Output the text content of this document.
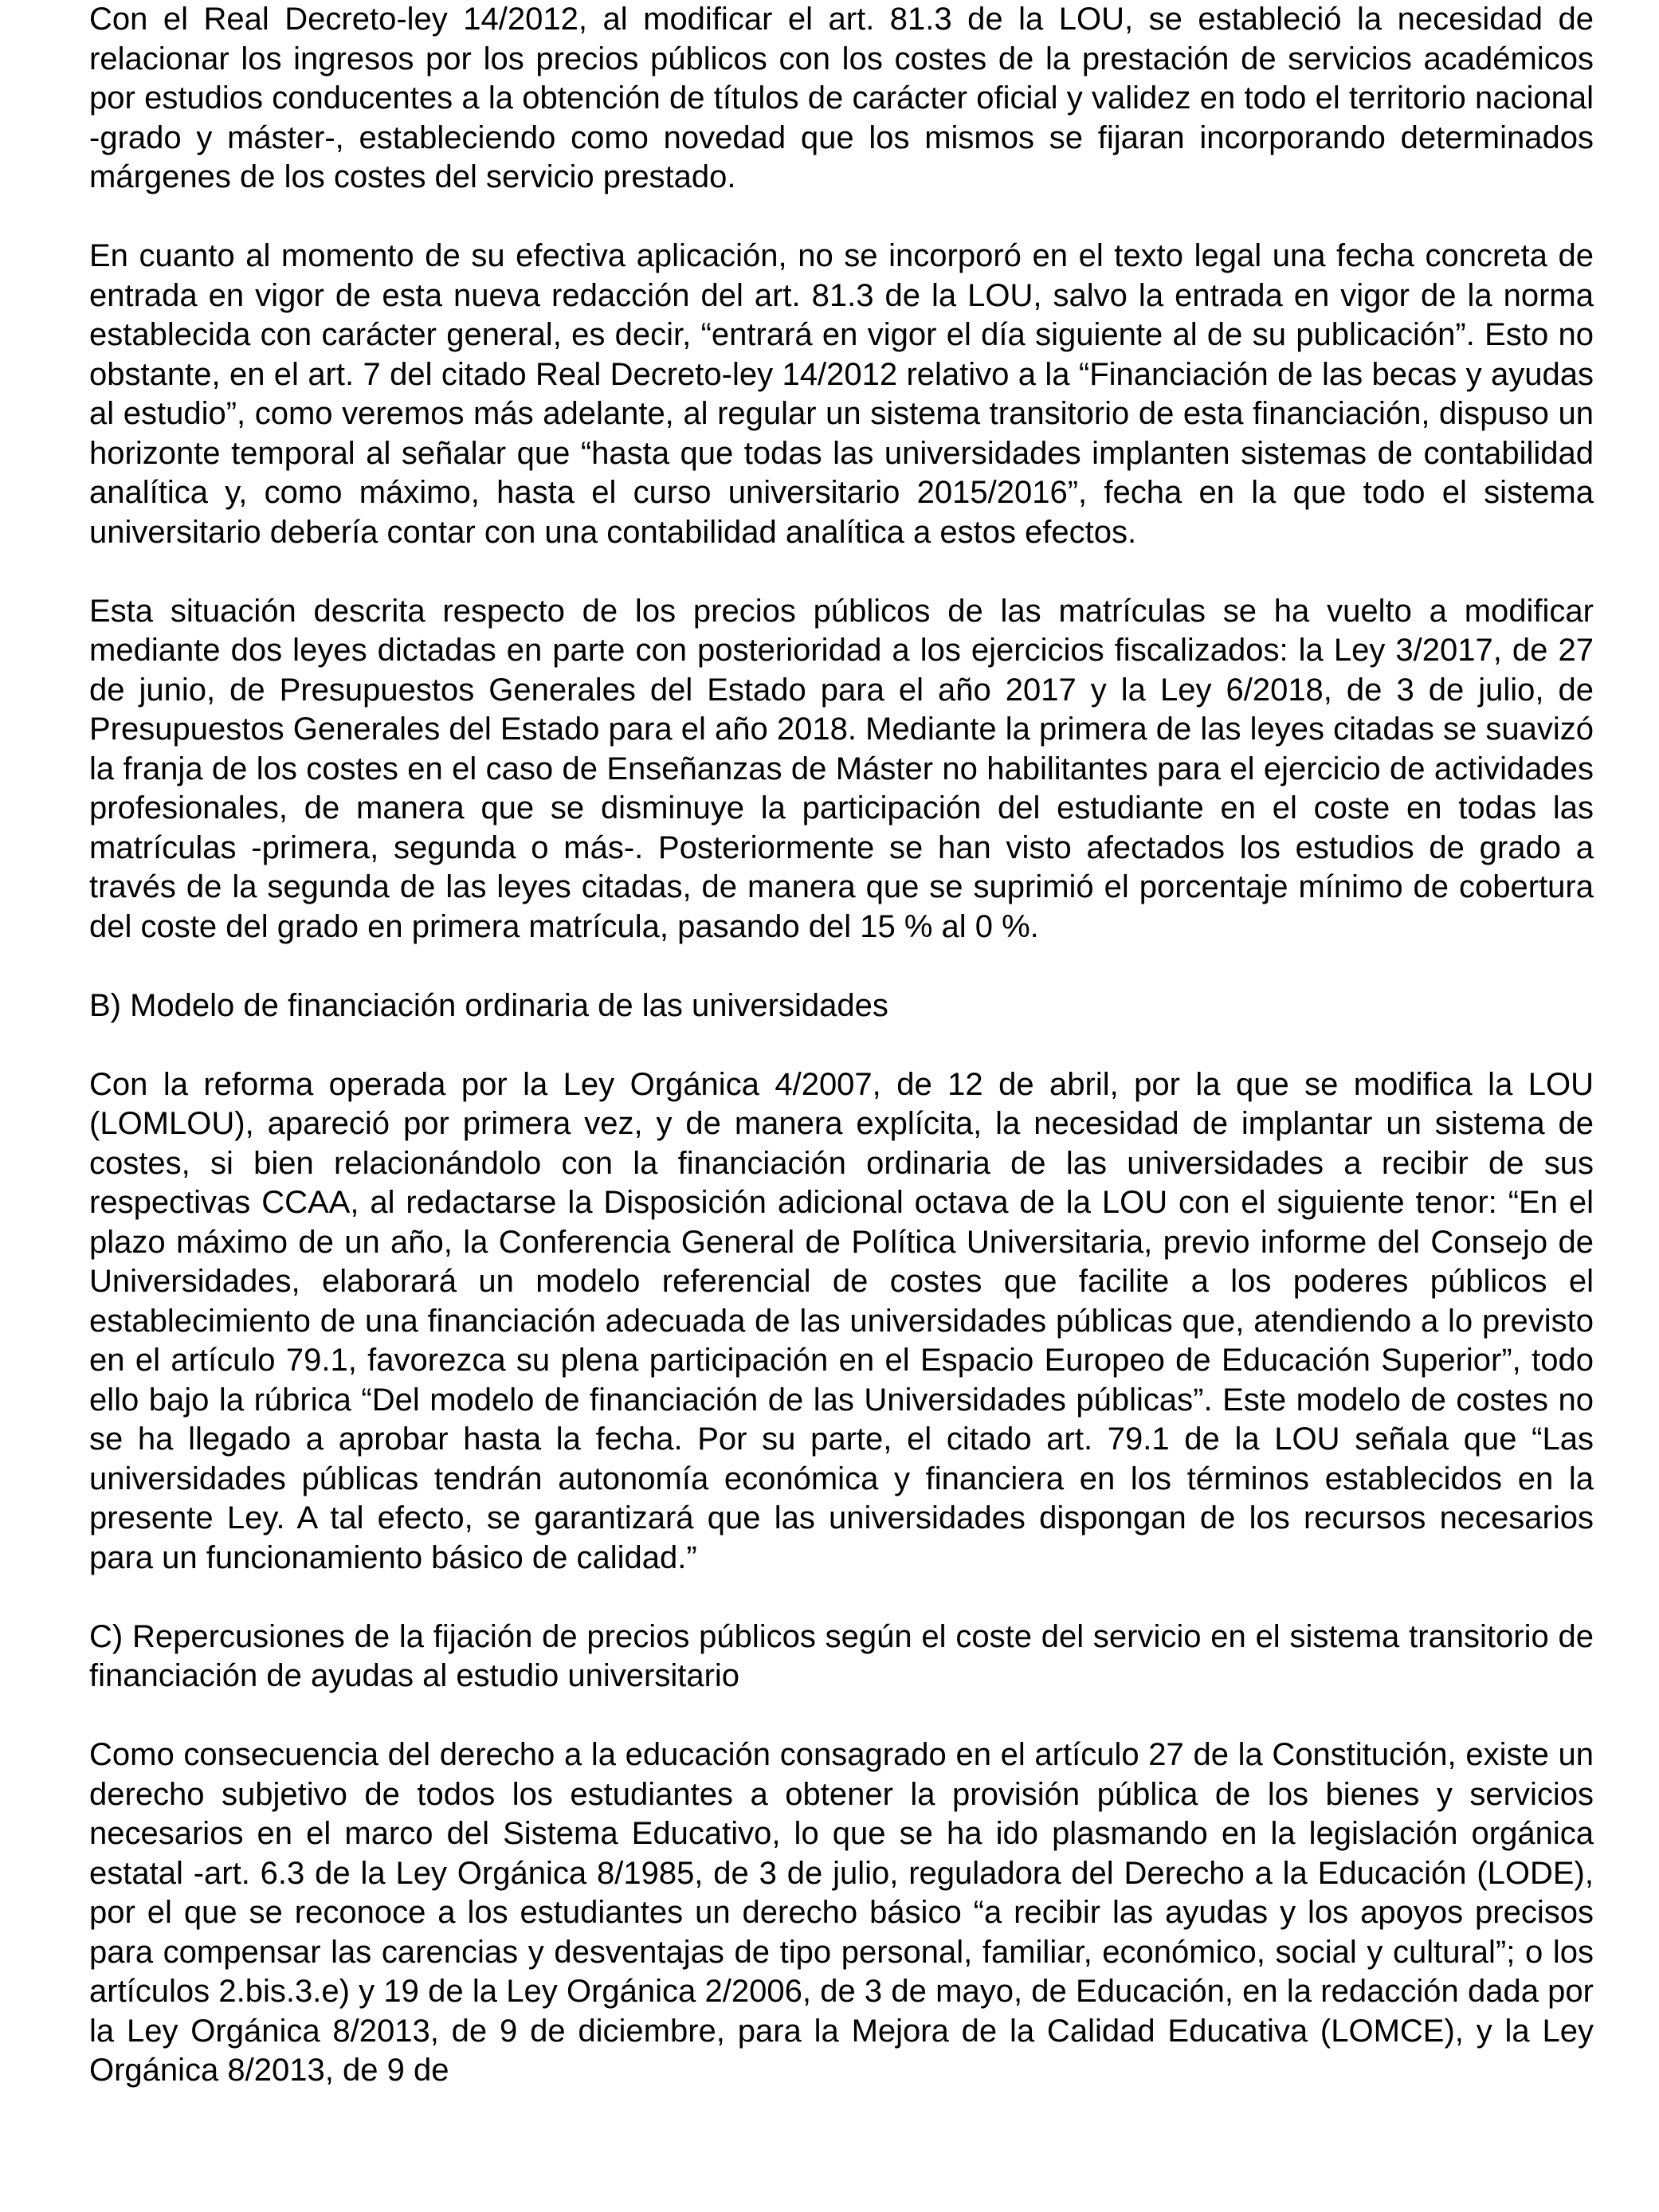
Con el Real Decreto-ley 14/2012, al modificar el art. 81.3 de la LOU, se estableció la necesidad de relacionar los ingresos por los precios públicos con los costes de la prestación de servicios académicos por estudios conducentes a la obtención de títulos de carácter oficial y validez en todo el territorio nacional -grado y máster-, estableciendo como novedad que los mismos se fijaran incorporando determinados márgenes de los costes del servicio prestado.

En cuanto al momento de su efectiva aplicación, no se incorporó en el texto legal una fecha concreta de entrada en vigor de esta nueva redacción del art. 81.3 de la LOU, salvo la entrada en vigor de la norma establecida con carácter general, es decir, “entrará en vigor el día siguiente al de su publicación”. Esto no obstante, en el art. 7 del citado Real Decreto-ley 14/2012 relativo a la “Financiación de las becas y ayudas al estudio”, como veremos más adelante, al regular un sistema transitorio de esta financiación, dispuso un horizonte temporal al señalar que “hasta que todas las universidades implanten sistemas de contabilidad analítica y, como máximo, hasta el curso universitario 2015/2016”, fecha en la que todo el sistema universitario debería contar con una contabilidad analítica a estos efectos.

Esta situación descrita respecto de los precios públicos de las matrículas se ha vuelto a modificar mediante dos leyes dictadas en parte con posterioridad a los ejercicios fiscalizados: la Ley 3/2017, de 27 de junio, de Presupuestos Generales del Estado para el año 2017 y la Ley 6/2018, de 3 de julio, de Presupuestos Generales del Estado para el año 2018. Mediante la primera de las leyes citadas se suavizó la franja de los costes en el caso de Enseñanzas de Máster no habilitantes para el ejercicio de actividades profesionales, de manera que se disminuye la participación del estudiante en el coste en todas las matrículas -primera, segunda o más-. Posteriormente se han visto afectados los estudios de grado a través de la segunda de las leyes citadas, de manera que se suprimió el porcentaje mínimo de cobertura del coste del grado en primera matrícula, pasando del 15 % al 0 %.

B) Modelo de financiación ordinaria de las universidades

Con la reforma operada por la Ley Orgánica 4/2007, de 12 de abril, por la que se modifica la LOU (LOMLOU), apareció por primera vez, y de manera explícita, la necesidad de implantar un sistema de costes, si bien relacionándolo con la financiación ordinaria de las universidades a recibir de sus respectivas CCAA, al redactarse la Disposición adicional octava de la LOU con el siguiente tenor: “En el plazo máximo de un año, la Conferencia General de Política Universitaria, previo informe del Consejo de Universidades, elaborará un modelo referencial de costes que facilite a los poderes públicos el establecimiento de una financiación adecuada de las universidades públicas que, atendiendo a lo previsto en el artículo 79.1, favorezca su plena participación en el Espacio Europeo de Educación Superior”, todo ello bajo la rúbrica “Del modelo de financiación de las Universidades públicas”. Este modelo de costes no se ha llegado a aprobar hasta la fecha. Por su parte, el citado art. 79.1 de la LOU señala que “Las universidades públicas tendrán autonomía económica y financiera en los términos establecidos en la presente Ley. A tal efecto, se garantizará que las universidades dispongan de los recursos necesarios para un funcionamiento básico de calidad.”

C) Repercusiones de la fijación de precios públicos según el coste del servicio en el sistema transitorio de financiación de ayudas al estudio universitario

Como consecuencia del derecho a la educación consagrado en el artículo 27 de la Constitución, existe un derecho subjetivo de todos los estudiantes a obtener la provisión pública de los bienes y servicios necesarios en el marco del Sistema Educativo, lo que se ha ido plasmando en la legislación orgánica estatal -art. 6.3 de la Ley Orgánica 8/1985, de 3 de julio, reguladora del Derecho a la Educación (LODE), por el que se reconoce a los estudiantes un derecho básico “a recibir las ayudas y los apoyos precisos para compensar las carencias y desventajas de tipo personal, familiar, económico, social y cultural”; o los artículos 2.bis.3.e) y 19 de la Ley Orgánica 2/2006, de 3 de mayo, de Educación, en la redacción dada por la Ley Orgánica 8/2013, de 9 de diciembre, para la Mejora de la Calidad Educativa (LOMCE), y la Ley Orgánica 8/2013, de 9 de
